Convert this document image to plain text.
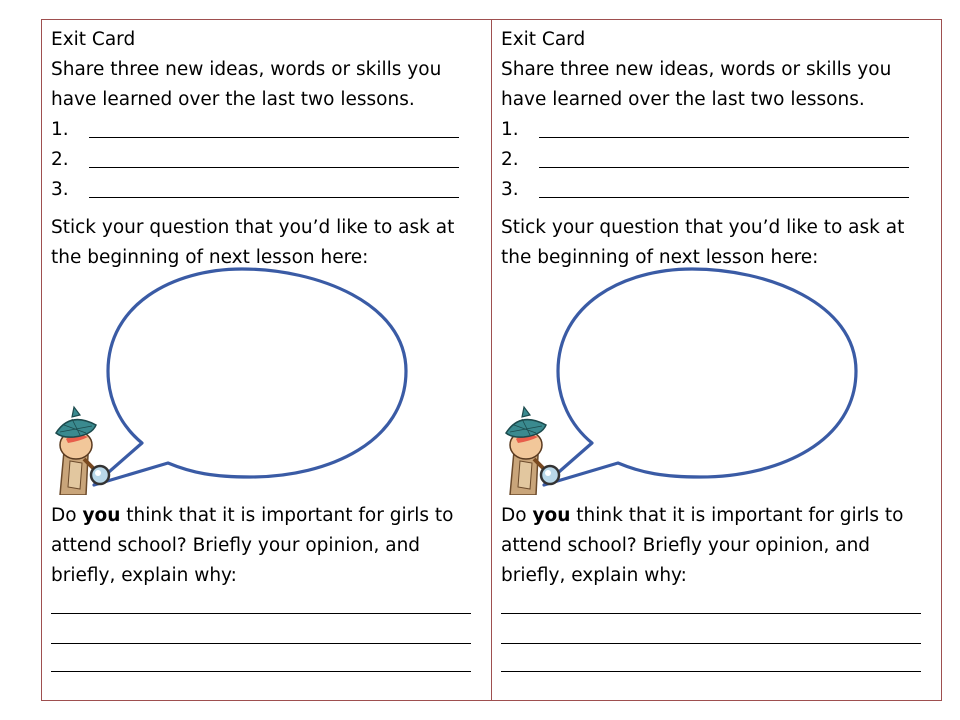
Exit Card
Share three new ideas, words or skills you
have learned over the last two lessons.
1.
2.
3.
Stick your question that you’d like to ask at
the beginning of next lesson here:
Do you think that it is important for girls to
attend school? Briefly your opinion, and
briefly, explain why:
Exit Card
Share three new ideas, words or skills you
have learned over the last two lessons.
1.
2.
3.
Stick your question that you’d like to ask at
the beginning of next lesson here:
Do you think that it is important for girls to
attend school? Briefly your opinion, and
briefly, explain why:
